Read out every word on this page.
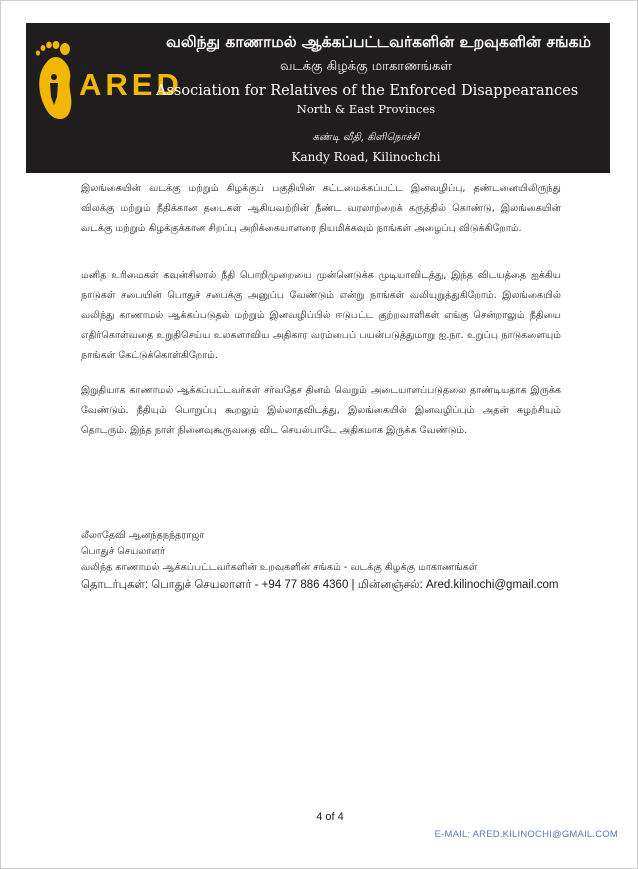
ARED
வலிந்து காணாமல் ஆக்கப்பட்டவர்களின் உறவுகளின் சங்கம்
வடக்கு கிழக்கு மாகாணங்கள்
Association for Relatives of the Enforced Disappearances
North & East Provinces
கண்டி வீதி, கிளிநொச்சி
Kandy Road, Kilinochchi

இலங்கையின் வடக்கு மற்றும் கிழக்குப் பகுதியின் கட்டமைக்கப்பட்ட இனவழிப்பு, தண்டனையிலிருந்து விலக்கு மற்றும் நீதிக்கான தடைகள் ஆகியவற்றின் நீண்ட வரலாற்றைக் கருத்தில் கொண்டு, இலங்கையின் வடக்கு மற்றும் கிழக்குக்கான சிறப்பு அறிக்கையாளரை நியமிக்கவும் நாங்கள் அழைப்பு விடுக்கிறோம்.

மனித உரிமைகள் கவுன்சிலால் நீதி பொறிமுறையை முன்னெடுக்க முடியாவிடத்து, இந்த விடயத்தை ஐக்கிய நாடுகள் சபையின் பொதுச் சபைக்கு அனுப்ப வேண்டும் என்று நாங்கள் வலியுறுத்துகிறோம். இலங்கையில் வலிந்து காணாமல் ஆக்கப்படுதல் மற்றும் இனவழிப்பில் ஈடுபட்ட குற்றவாளிகள் எங்கு சென்றாலும் நீதியை எதிர்கொள்வதை உறுதிசெய்ய உலகளாவிய அதிகார வரம்பைப் பயன்படுத்துமாறு ஐ.நா. உறுப்பு நாடுகளையும் நாங்கள் கேட்டுக்கொள்கிறோம்.

இறுதியாக காணாமல் ஆக்கப்பட்டவர்கள் சர்வதேச தினம் வெறும் அடையாளப்படுதலை தாண்டியதாக இருக்க வேண்டும். நீதியும் பொறுப்பு கூறலும் இல்லாதவிடத்து, இலங்கையில் இனவழிப்பும் அதன் சுழற்சியும் தொடரும். இந்த நாள் நினைவுகூருவதை விட செயல்பாடே அதிகமாக இருக்க வேண்டும்.

லீலாதேவி ஆனந்தநந்தராஜா
பொதுச் செயலாளர்
வலிந்த காணாமல் ஆக்கப்பட்டவர்களின் உறவுகளின் சங்கம் - வடக்கு கிழக்கு மாகாணங்கள்
தொடர்புகள்: பொதுச் செயலாளர் - +94 77 886 4360 | மின்னஞ்சல்: Ared.kilinochi@gmail.com
4 of 4
E-MAIL: ARED.KILINOCHI@GMAIL.COM
